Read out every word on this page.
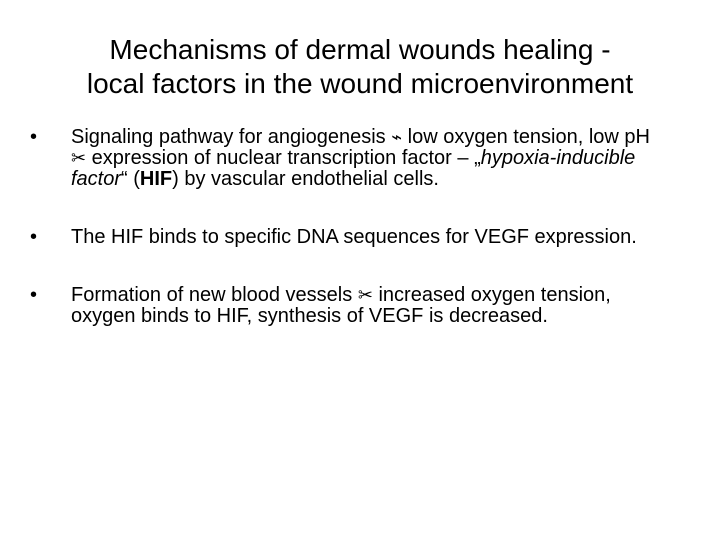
Mechanisms of dermal wounds healing -
local factors in the wound microenvironment
•	Signaling pathway for angiogenesis ⌁ low oxygen tension, low pH ✂ expression of nuclear transcription factor – „hypoxia-inducible factor“ (HIF) by vascular endothelial cells.
•	The HIF binds to specific DNA sequences for VEGF expression.
•	Formation of new blood vessels ✂ increased oxygen tension, oxygen binds to HIF, synthesis of VEGF is decreased.
